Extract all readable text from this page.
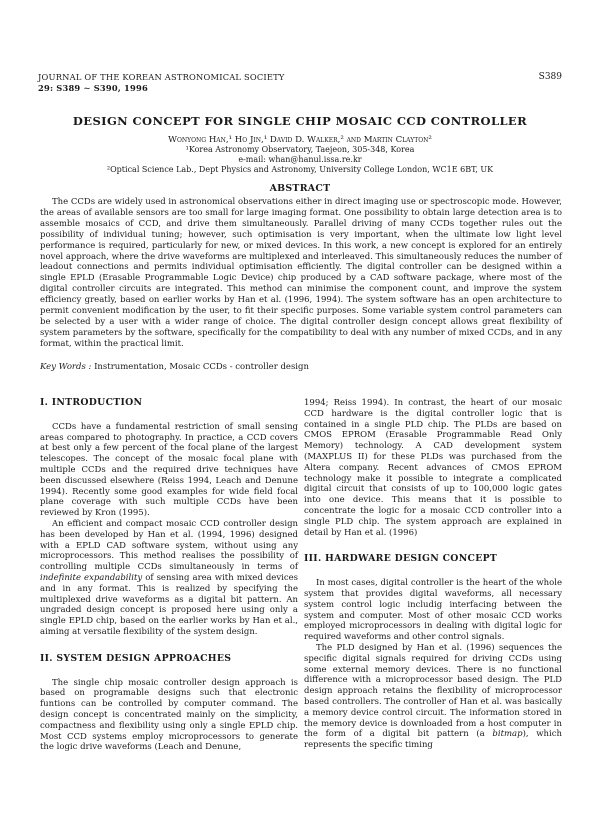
JOURNAL OF THE KOREAN ASTRONOMICAL SOCIETY
29: S389 ∼ S390, 1996
S389
DESIGN CONCEPT FOR SINGLE CHIP MOSAIC CCD CONTROLLER
Wonyong Han,¹ Ho Jin,¹ David D. Walker,² and Martin Clayton²
¹Korea Astronomy Observatory, Taejeon, 305-348, Korea
e-mail: whan@hanul.issa.re.kr
²Optical Science Lab., Dept Physics and Astronomy, University College London, WC1E 6BT, UK
ABSTRACT

The CCDs are widely used in astronomical observations either in direct imaging use or spectroscopic mode. However, the areas of available sensors are too small for large imaging format. One possibility to obtain large detection area is to assemble mosaics of CCD, and drive them simultaneously. Parallel driving of many CCDs together rules out the possibility of individual tuning; however, such optimisation is very important, when the ultimate low light level performance is required, particularly for new, or mixed devices. In this work, a new concept is explored for an entirely novel approach, where the drive waveforms are multiplexed and interleaved. This simultaneously reduces the number of leadout connections and permits individual optimisation efficiently. The digital controller can be designed within a single EPLD (Erasable Programmable Logic Device) chip produced by a CAD software package, where most of the digital controller circuits are integrated. This method can minimise the component count, and improve the system efficiency greatly, based on earlier works by Han et al. (1996, 1994). The system software has an open architecture to permit convenient modification by the user, to fit their specific purposes. Some variable system control parameters can be selected by a user with a wider range of choice. The digital controller design concept allows great flexibility of system parameters by the software, specifically for the compatibility to deal with any number of mixed CCDs, and in any format, within the practical limit.

Key Words : Instrumentation, Mosaic CCDs - controller design
I. INTRODUCTION

CCDs have a fundamental restriction of small sensing areas compared to photography. In practice, a CCD covers at best only a few percent of the focal plane of the largest telescopes. The concept of the mosaic focal plane with multiple CCDs and the required drive techniques have been discussed elsewhere (Reiss 1994, Leach and Denune 1994). Recently some good examples for wide field focal plane coverage with such multiple CCDs have been reviewed by Kron (1995).

An efficient and compact mosaic CCD controller design has been developed by Han et al. (1994, 1996) designed with a EPLD CAD software system, without using any microprocessors. This method realises the possibility of controlling multiple CCDs simultaneously in terms of indefinite expandability of sensing area with mixed devices and in any format. This is realized by specifying the multiplexed drive waveforms as a digital bit pattern. An ungraded design concept is proposed here using only a single EPLD chip, based on the earlier works by Han et al., aiming at versatile flexibility of the system design.

II. SYSTEM DESIGN APPROACHES

The single chip mosaic controller design approach is based on programable designs such that electronic funtions can be controlled by computer command. The design concept is concentrated mainly on the simplicity, compactness and flexibility using only a single EPLD chip. Most CCD systems employ microprocessors to generate the logic drive waveforms (Leach and Denune,

1994; Reiss 1994). In contrast, the heart of our mosaic CCD hardware is the digital controller logic that is contained in a single PLD chip. The PLDs are based on CMOS EPROM (Erasable Programmable Read Only Memory) technology. A CAD development system (MAXPLUS II) for these PLDs was purchased from the Altera company. Recent advances of CMOS EPROM technology make it possible to integrate a complicated digital circuit that consists of up to 100,000 logic gates into one device. This means that it is possible to concentrate the logic for a mosaic CCD controller into a single PLD chip. The system approach are explained in detail by Han et al. (1996)

III. HARDWARE DESIGN CONCEPT

In most cases, digital controller is the heart of the whole system that provides digital waveforms, all necessary system control logic includig interfacing between the system and computer. Most of other mosaic CCD works employed microprocessors in dealing with digital logic for required waveforms and other control signals.

The PLD designed by Han et al. (1996) sequences the specific digital signals required for driving CCDs using some external memory devices. There is no functional difference with a microprocessor based design. The PLD design approach retains the flexibility of microprocessor based controllers. The controller of Han et al. was basically a memory device control circuit. The information stored in the memory device is downloaded from a host computer in the form of a digital bit pattern (a bitmap), which represents the specific timing
